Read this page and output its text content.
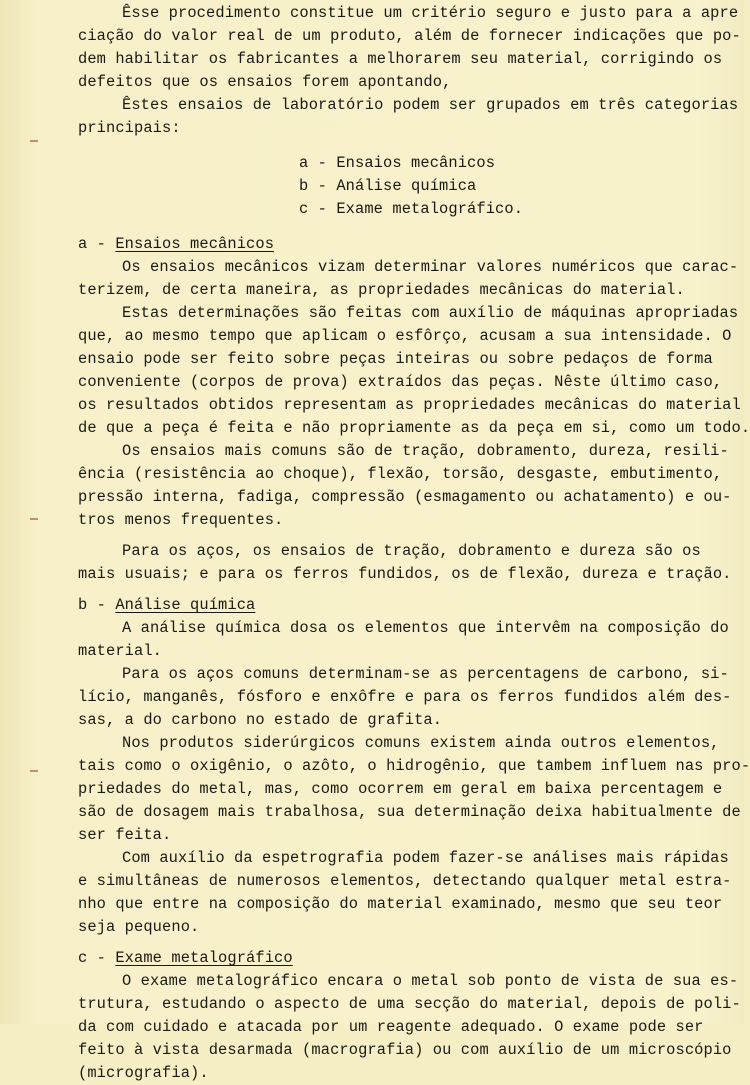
Êsse procedimento constitue um critério seguro e justo para a apre
ciação do valor real de um produto, além de fornecer indicações que po-
dem habilitar os fabricantes a melhorarem seu material, corrigindo os
defeitos que os ensaios forem apontando,
Êstes ensaios de laboratório podem ser grupados em três categorias
principais:
a - Ensaios mecânicos
b - Análise química
c - Exame metalográfico.
a - Ensaios mecânicos
Os ensaios mecânicos vizam determinar valores numéricos que carac-
terizem, de certa maneira, as propriedades mecânicas do material.
Estas determinações são feitas com auxílio de máquinas apropriadas
que, ao mesmo tempo que aplicam o esfôrço, acusam a sua intensidade. O
ensaio pode ser feito sobre peças inteiras ou sobre pedaços de forma
conveniente (corpos de prova) extraídos das peças. Nêste último caso,
os resultados obtidos representam as propriedades mecânicas do material
de que a peça é feita e não propriamente as da peça em si, como um todo.
Os ensaios mais comuns são de tração, dobramento, dureza, resili-
ência (resistência ao choque), flexão, torsão, desgaste, embutimento,
pressão interna, fadiga, compressão (esmagamento ou achatamento) e ou-
tros menos frequentes.
Para os aços, os ensaios de tração, dobramento e dureza são os
mais usuais; e para os ferros fundidos, os de flexão, dureza e tração.
b - Análise química
A análise química dosa os elementos que intervêm na composição do
material.
Para os aços comuns determinam-se as percentagens de carbono, si-
lício, manganês, fósforo e enxôfre e para os ferros fundidos além des-
sas, a do carbono no estado de grafita.
Nos produtos siderúrgicos comuns existem ainda outros elementos,
tais como o oxigênio, o azôto, o hidrogênio, que tambem influem nas pro-
priedades do metal, mas, como ocorrem em geral em baixa percentagem e
são de dosagem mais trabalhosa, sua determinação deixa habitualmente de
ser feita.
Com auxílio da espetrografia podem fazer-se análises mais rápidas
e simultâneas de numerosos elementos, detectando qualquer metal estra-
nho que entre na composição do material examinado, mesmo que seu teor
seja pequeno.
c - Exame metalográfico
O exame metalográfico encara o metal sob ponto de vista de sua es-
trutura, estudando o aspecto de uma secção do material, depois de poli-
da com cuidado e atacada por um reagente adequado. O exame pode ser
feito à vista desarmada (macrografia) ou com auxílio de um microscópio
(micrografia).
